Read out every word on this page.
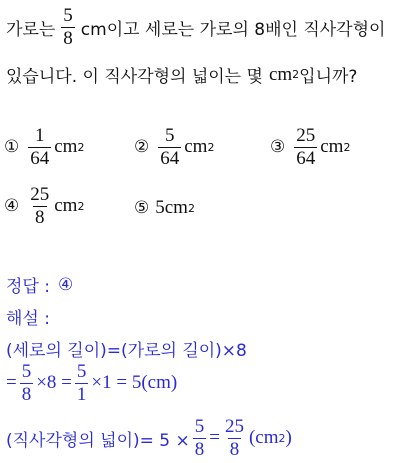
가로는 $\frac{5}{8}$ cm이고 세로는 가로의 8배인 직사각형이
있습니다. 이 직사각형의 넓이는 몇 cm 2 입니까?
① $\frac{1}{64}$ cm 2	② $\frac{5}{64}$ cm 2	③ $\frac{25}{64}$ cm 2
④ $\frac{25}{8}$ cm 2	⑤ 5cm 2
정답 : ④
해설 :
(세로의 길이)=(가로의 길이)×8
= $\frac{5}{8} \times 8 = \frac{5}{1} \times 1 = 5(cm)$
(직사각형의 넓이)= $5 \times \frac{5}{8} = \frac{25}{8} (cm$ 2 )
